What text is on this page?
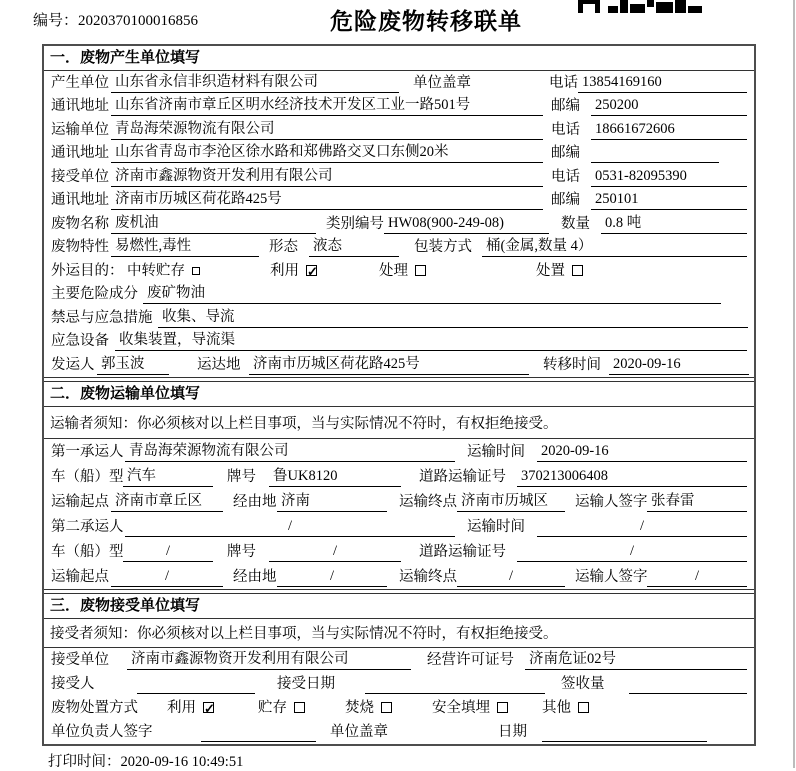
编号：2020370100016856	危险废物转移联单
一．废物产生单位填写
产生单位 山东省永信非织造材料有限公司	单位盖章	电话 13854169160
通讯地址 山东省济南市章丘区明水经济技术开发区工业一路501号	邮编 250200
运输单位 青岛海荣源物流有限公司	电话 18661672606
通讯地址 山东省青岛市李沧区徐水路和郑佛路交叉口东侧20米	邮编
接受单位 济南市鑫源物资开发利用有限公司	电话 0531-82095390
通讯地址 济南市历城区荷花路425号	邮编 250101
废物名称 废机油	类别编号 HW08(900-249-08)	数量 0.8 吨
废物特性 易燃性,毒性	形态 液态	包装方式 桶(金属,数量 4）
外运目的： 中转贮存	利用 ✓	处理	处置
主要危险成分 废矿物油
禁忌与应急措施 收集、导流
应急设备 收集装置，导流渠
发运人 郭玉波	运达地 济南市历城区荷花路425号	转移时间 2020-09-16
二．废物运输单位填写
运输者须知：你必须核对以上栏目事项，当与实际情况不符时，有权拒绝接受。
第一承运人 青岛海荣源物流有限公司	运输时间 2020-09-16
车（船）型 汽车	牌号 鲁UK8120	道路运输证号 370213006408
运输起点 济南市章丘区	经由地 济南	运输终点 济南市历城区	运输人签字 张春雷
第二承运人	/	运输时间	/
车（船）型	/	牌号	/	道路运输证号	/
运输起点	/	经由地	/	运输终点	/	运输人签字	/
三．废物接受单位填写
接受者须知：你必须核对以上栏目事项，当与实际情况不符时，有权拒绝接受。
接受单位 济南市鑫源物资开发利用有限公司	经营许可证号 济南危证02号
接受人	接受日期	签收量
废物处置方式 利用 ✓	贮存	焚烧	安全填埋	其他
单位负责人签字	单位盖章	日期
打印时间：2020-09-16 10:49:51
